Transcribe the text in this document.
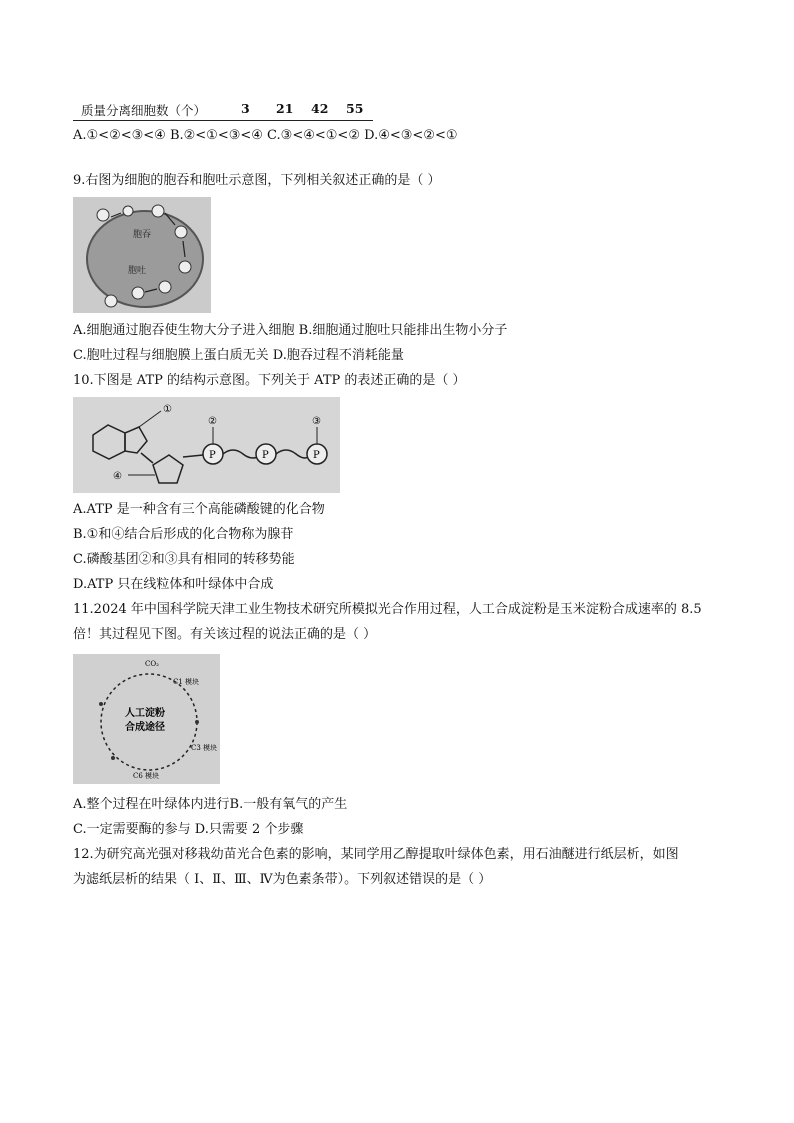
质量分离细胞数（个）	3 21 42 55
A.①<②<③<④ B.②<①<③<④ C.③<④<①<② D.④<③<②<①
9.右图为细胞的胞吞和胞吐示意图，下列相关叙述正确的是（ ）
胞吞
胞吐
A.细胞通过胞吞使生物大分子进入细胞 B.细胞通过胞吐只能排出生物小分子
C.胞吐过程与细胞膜上蛋白质无关 D.胞吞过程不消耗能量
10.下图是 ATP 的结构示意图。下列关于 ATP 的表述正确的是（ ）
①
④
P	P	P
②	③
A.ATP 是一种含有三个高能磷酸键的化合物
B.①和④结合后形成的化合物称为腺苷
C.磷酸基团②和③具有相同的转移势能
D.ATP 只在线粒体和叶绿体中合成
11.2024 年中国科学院天津工业生物技术研究所模拟光合作用过程，人工合成淀粉是玉米淀粉合成速率的 8.5
倍！其过程见下图。有关该过程的说法正确的是（ ）
人工淀粉
合成途径
CO₂
C6 模块
C3 模块
C1 模块
A.整个过程在叶绿体内进行B.一般有氧气的产生
C.一定需要酶的参与 D.只需要 2 个步骤
12.为研究高光强对移栽幼苗光合色素的影响，某同学用乙醇提取叶绿体色素，用石油醚进行纸层析，如图
为滤纸层析的结果（ Ⅰ、Ⅱ、Ⅲ、Ⅳ为色素条带）。下列叙述错误的是（ ）
